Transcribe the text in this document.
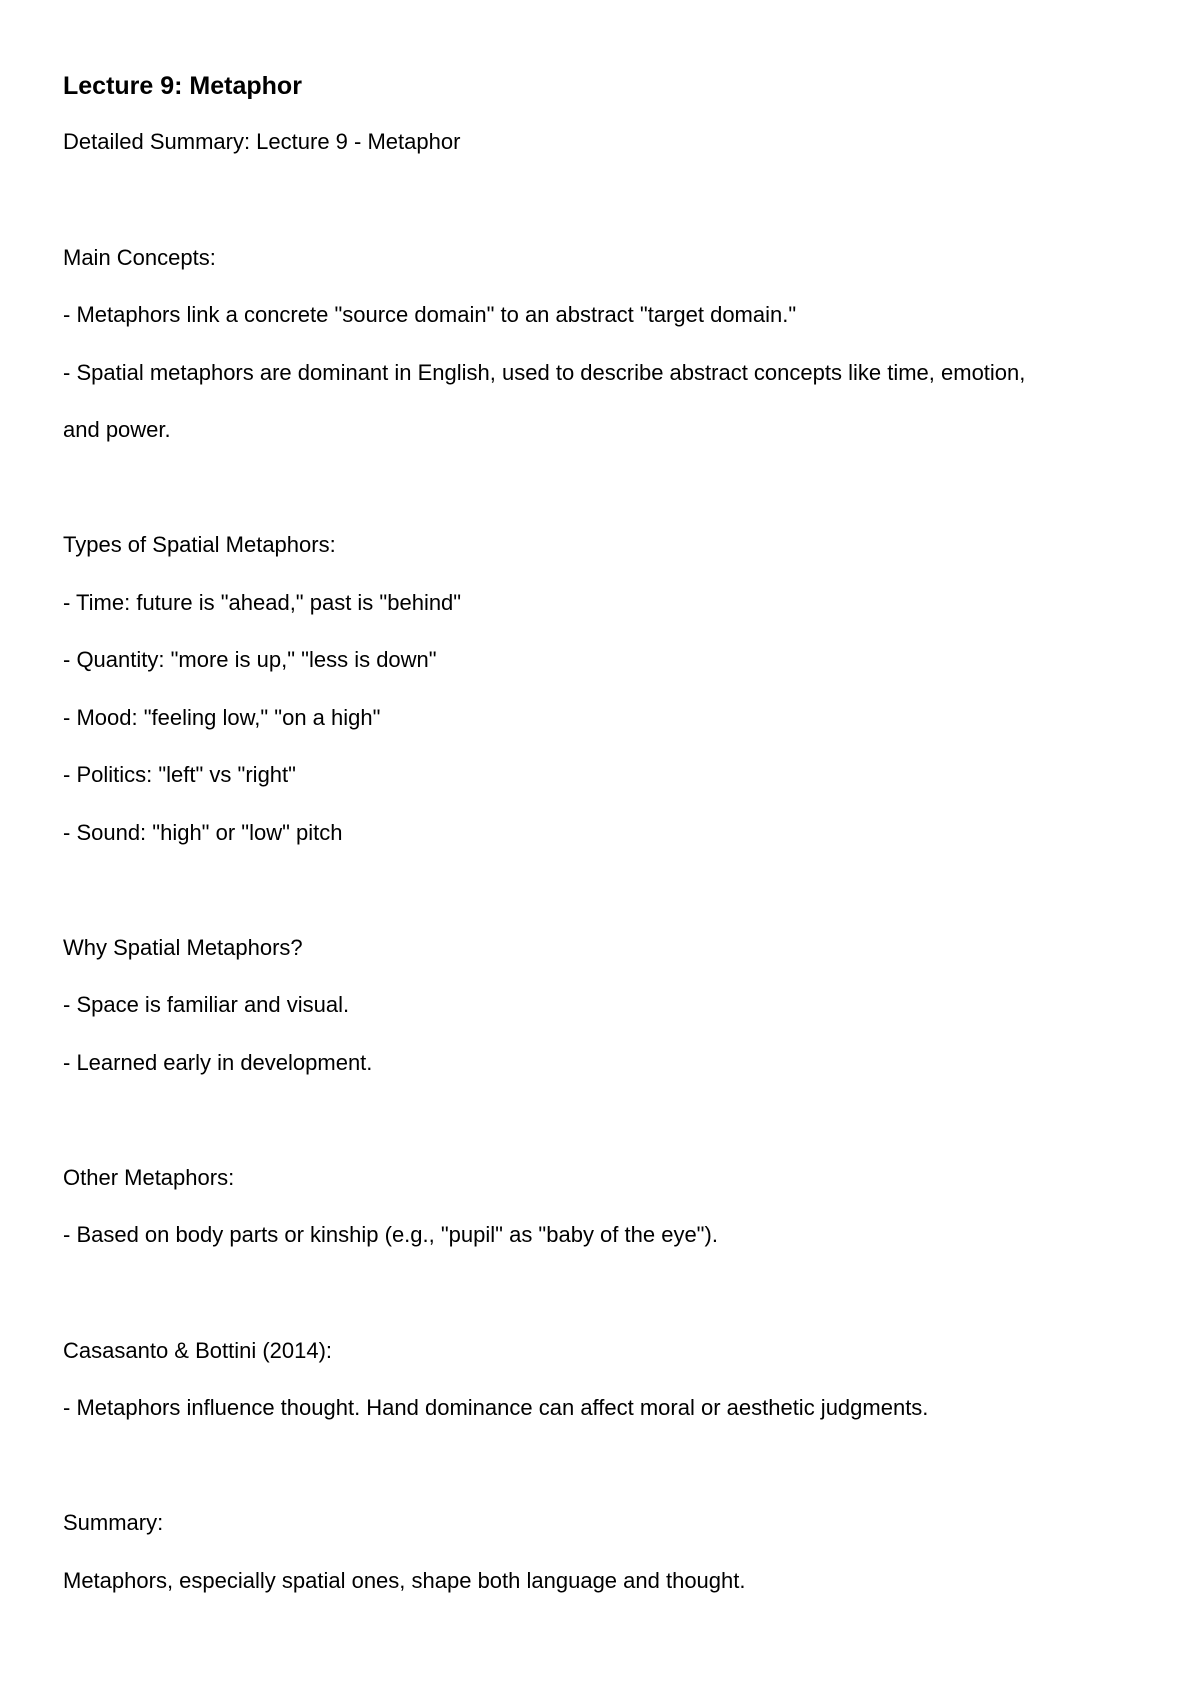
Lecture 9: Metaphor

Detailed Summary: Lecture 9 - Metaphor

Main Concepts:

- Metaphors link a concrete "source domain" to an abstract "target domain."

- Spatial metaphors are dominant in English, used to describe abstract concepts like time, emotion,

and power.

Types of Spatial Metaphors:

- Time: future is "ahead," past is "behind"

- Quantity: "more is up," "less is down"

- Mood: "feeling low," "on a high"

- Politics: "left" vs "right"

- Sound: "high" or "low" pitch

Why Spatial Metaphors?

- Space is familiar and visual.

- Learned early in development.

Other Metaphors:

- Based on body parts or kinship (e.g., "pupil" as "baby of the eye").

Casasanto & Bottini (2014):

- Metaphors influence thought. Hand dominance can affect moral or aesthetic judgments.

Summary:

Metaphors, especially spatial ones, shape both language and thought.
